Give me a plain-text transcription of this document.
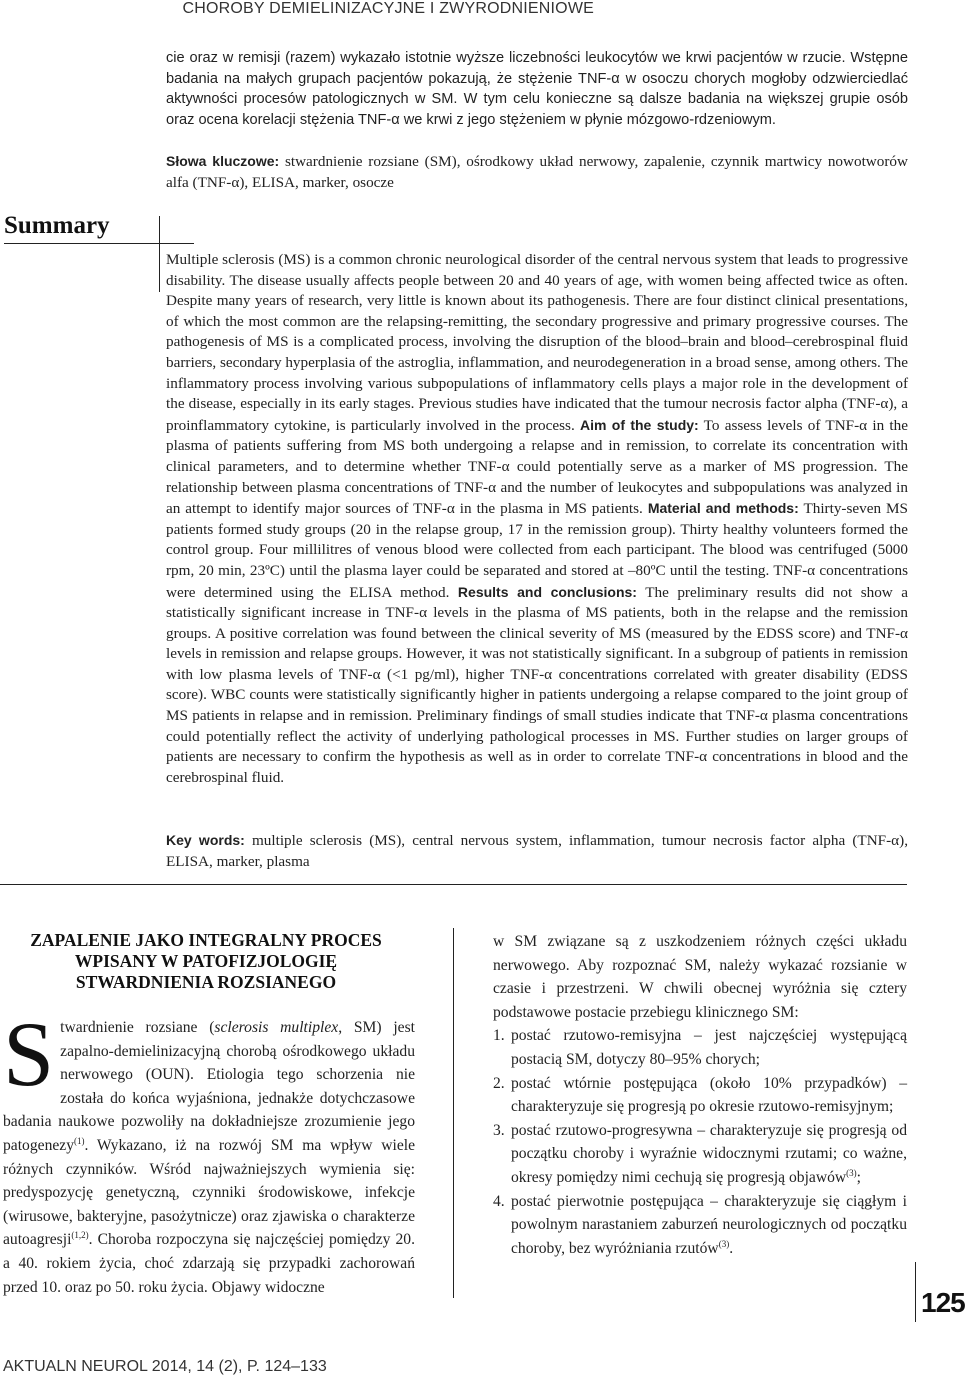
CHOROBY DEMIELINIZACYJNE I ZWYRODNIENIOWE

cie oraz w remisji (razem) wykazało istotnie wyższe liczebności leukocytów we krwi pacjentów w rzucie. Wstępne badania na małych grupach pacjentów pokazują, że stężenie TNF-α w osoczu chorych mogłoby odzwierciedlać aktywności procesów patologicznych w SM. W tym celu konieczne są dalsze badania na większej grupie osób oraz ocena korelacji stężenia TNF-α we krwi z jego stężeniem w płynie mózgowo-rdzeniowym.

Słowa kluczowe: stwardnienie rozsiane (SM), ośrodkowy układ nerwowy, zapalenie, czynnik martwicy nowotworów alfa (TNF-α), ELISA, marker, osocze

Summary

Multiple sclerosis (MS) is a common chronic neurological disorder of the central nervous system that leads to progressive disability. The disease usually affects people between 20 and 40 years of age, with women being affected twice as often. Despite many years of research, very little is known about its pathogenesis. There are four distinct clinical presentations, of which the most common are the relapsing-remitting, the secondary progressive and primary progressive courses. The pathogenesis of MS is a complicated process, involving the disruption of the blood–brain and blood–cerebrospinal fluid barriers, secondary hyperplasia of the astroglia, inflammation, and neurodegeneration in a broad sense, among others. The inflammatory process involving various subpopulations of inflammatory cells plays a major role in the development of the disease, especially in its early stages. Previous studies have indicated that the tumour necrosis factor alpha (TNF-α), a proinflammatory cytokine, is particularly involved in the process. Aim of the study: To assess levels of TNF-α in the plasma of patients suffering from MS both undergoing a relapse and in remission, to correlate its concentration with clinical parameters, and to determine whether TNF-α could potentially serve as a marker of MS progression. The relationship between plasma concentrations of TNF-α and the number of leukocytes and subpopulations was analyzed in an attempt to identify major sources of TNF-α in the plasma in MS patients. Material and methods: Thirty-seven MS patients formed study groups (20 in the relapse group, 17 in the remission group). Thirty healthy volunteers formed the control group. Four millilitres of venous blood were collected from each participant. The blood was centrifuged (5000 rpm, 20 min, 23ºC) until the plasma layer could be separated and stored at –80ºC until the testing. TNF-α concentrations were determined using the ELISA method. Results and conclusions: The preliminary results did not show a statistically significant increase in TNF-α levels in the plasma of MS patients, both in the relapse and the remission groups. A positive correlation was found between the clinical severity of MS (measured by the EDSS score) and TNF-α levels in remission and relapse groups. However, it was not statistically significant. In a subgroup of patients in remission with low plasma levels of TNF-α (<1 pg/ml), higher TNF-α concentrations correlated with greater disability (EDSS score). WBC counts were statistically significantly higher in patients undergoing a relapse compared to the joint group of MS patients in relapse and in remission. Preliminary findings of small studies indicate that TNF-α plasma concentrations could potentially reflect the activity of underlying pathological processes in MS. Further studies on larger groups of patients are necessary to confirm the hypothesis as well as in order to correlate TNF-α concentrations in blood and the cerebrospinal fluid.

Key words: multiple sclerosis (MS), central nervous system, inflammation, tumour necrosis factor alpha (TNF-α), ELISA, marker, plasma

ZAPALENIE JAKO INTEGRALNY PROCES
WPISANY W PATOFIZJOLOGIĘ
STWARDNIENIA ROZSIANEGO

Stwardnienie rozsiane (sclerosis multiplex, SM) jest zapalno-demielinizacyjną chorobą ośrodkowego układu nerwowego (OUN). Etiologia tego schorzenia nie została do końca wyjaśniona, jednakże dotychczasowe badania naukowe pozwoliły na dokładniejsze zrozumienie jego patogenezy$^{(1)}$. Wykazano, iż na rozwój SM ma wpływ wiele różnych czynników. Wśród najważniejszych wymienia się: predyspozycję genetyczną, czynniki środowiskowe, infekcje (wirusowe, bakteryjne, pasożytnicze) oraz zjawiska o charakterze autoagresji$^{(1,2)}$. Choroba rozpoczyna się najczęściej pomiędzy 20. a 40. rokiem życia, choć zdarzają się przypadki zachorowań przed 10. oraz po 50. roku życia. Objawy widoczne

w SM związane są z uszkodzeniem różnych części układu nerwowego. Aby rozpoznać SM, należy wykazać rozsianie w czasie i przestrzeni. W chwili obecnej wyróżnia się cztery podstawowe postacie przebiegu klinicznego SM:

1. postać rzutowo-remisyjna – jest najczęściej występującą postacią SM, dotyczy 80–95% chorych;
2. postać wtórnie postępująca (około 10% przypadków) – charakteryzuje się progresją po okresie rzutowo-remisyjnym;
3. postać rzutowo-progresywna – charakteryzuje się progresją od początku choroby i wyraźnie widocznymi rzutami; co ważne, okresy pomiędzy nimi cechują się progresją objawów$^{(3)}$;
4. postać pierwotnie postępująca – charakteryzuje się ciągłym i powolnym narastaniem zaburzeń neurologicznych od początku choroby, bez wyróżniania rzutów$^{(3)}$.
125
AKTUALN NEUROL 2014, 14 (2), P. 124–133
